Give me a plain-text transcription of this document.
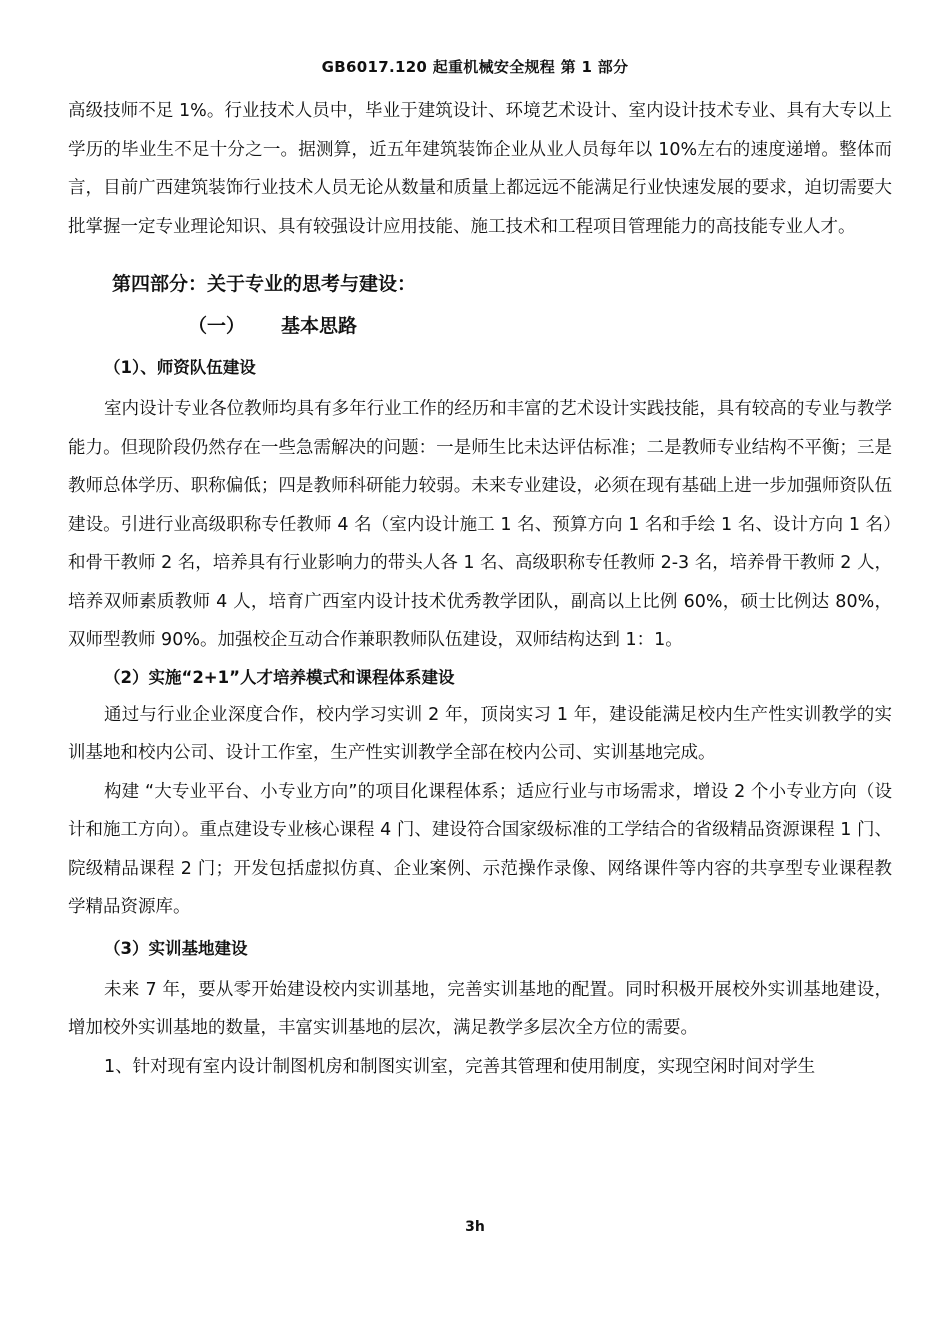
GB6017.120 起重机械安全规程 第 1 部分

高级技师不足 1%。行业技术人员中，毕业于建筑设计、环境艺术设计、室内设计技术专业、具有大专以上学历的毕业生不足十分之一。据测算，近五年建筑装饰企业从业人员每年以 10%左右的速度递增。整体而言，目前广西建筑装饰行业技术人员无论从数量和质量上都远远不能满足行业快速发展的要求，迫切需要大批掌握一定专业理论知识、具有较强设计应用技能、施工技术和工程项目管理能力的高技能专业人才。

第四部分：关于专业的思考与建设：
（一） 基本思路
（1）、师资队伍建设

室内设计专业各位教师均具有多年行业工作的经历和丰富的艺术设计实践技能，具有较高的专业与教学能力。但现阶段仍然存在一些急需解决的问题：一是师生比未达评估标准；二是教师专业结构不平衡；三是教师总体学历、职称偏低；四是教师科研能力较弱。未来专业建设，必须在现有基础上进一步加强师资队伍建设。引进行业高级职称专任教师 4 名（室内设计施工 1 名、预算方向 1 名和手绘 1 名、设计方向 1 名）和骨干教师 2 名，培养具有行业影响力的带头人各 1 名、高级职称专任教师 2-3 名，培养骨干教师 2 人，培养双师素质教师 4 人，培育广西室内设计技术优秀教学团队，副高以上比例 60%，硕士比例达 80%，双师型教师 90%。加强校企互动合作兼职教师队伍建设，双师结构达到 1：1。

（2）实施“2+1”人才培养模式和课程体系建设

通过与行业企业深度合作，校内学习实训 2 年，顶岗实习 1 年，建设能满足校内生产性实训教学的实训基地和校内公司、设计工作室，生产性实训教学全部在校内公司、实训基地完成。

构建 “大专业平台、小专业方向”的项目化课程体系；适应行业与市场需求，增设 2 个小专业方向（设计和施工方向）。重点建设专业核心课程 4 门、建设符合国家级标准的工学结合的省级精品资源课程 1 门、院级精品课程 2 门；开发包括虚拟仿真、企业案例、示范操作录像、网络课件等内容的共享型专业课程教学精品资源库。

（3）实训基地建设

未来 7 年，要从零开始建设校内实训基地，完善实训基地的配置。同时积极开展校外实训基地建设，增加校外实训基地的数量，丰富实训基地的层次，满足教学多层次全方位的需要。

1、针对现有室内设计制图机房和制图实训室，完善其管理和使用制度，实现空闲时间对学生

3h
